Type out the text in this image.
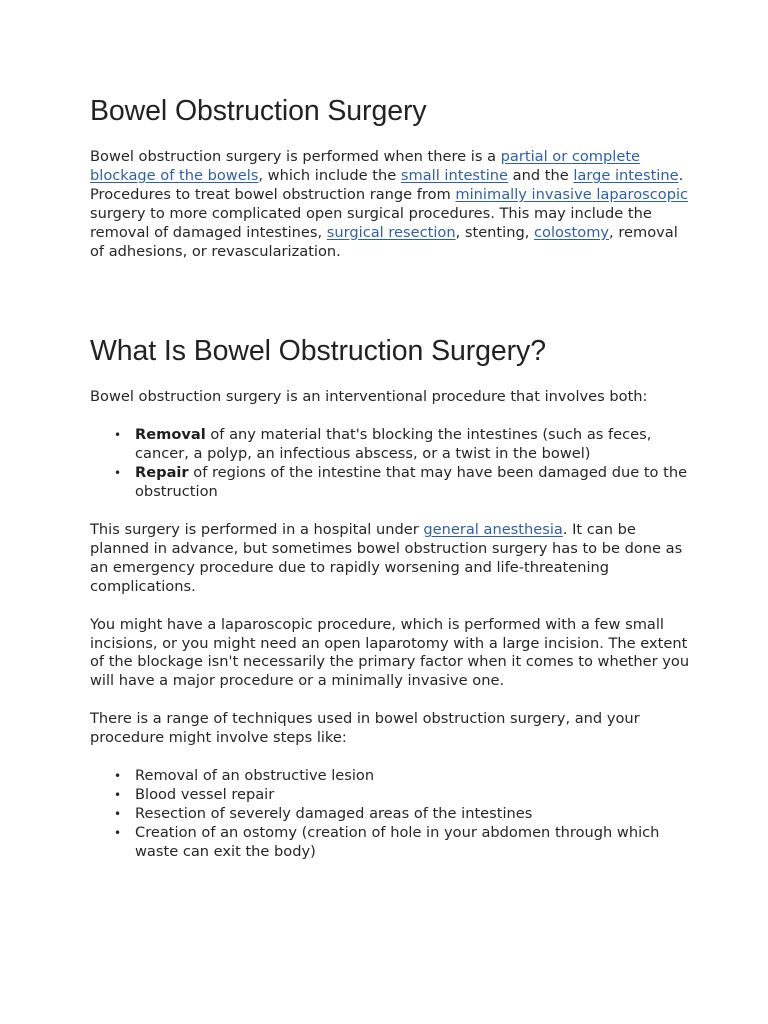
Bowel Obstruction Surgery

Bowel obstruction surgery is performed when there is a partial or complete blockage of the bowels, which include the small intestine and the large intestine. Procedures to treat bowel obstruction range from minimally invasive laparoscopic surgery to more complicated open surgical procedures. This may include the removal of damaged intestines, surgical resection, stenting, colostomy, removal of adhesions, or revascularization.

What Is Bowel Obstruction Surgery?

Bowel obstruction surgery is an interventional procedure that involves both:

• Removal of any material that's blocking the intestines (such as feces, cancer, a polyp, an infectious abscess, or a twist in the bowel)
• Repair of regions of the intestine that may have been damaged due to the obstruction

This surgery is performed in a hospital under general anesthesia. It can be planned in advance, but sometimes bowel obstruction surgery has to be done as an emergency procedure due to rapidly worsening and life-threatening complications.

You might have a laparoscopic procedure, which is performed with a few small incisions, or you might need an open laparotomy with a large incision. The extent of the blockage isn't necessarily the primary factor when it comes to whether you will have a major procedure or a minimally invasive one.

There is a range of techniques used in bowel obstruction surgery, and your procedure might involve steps like:

• Removal of an obstructive lesion
• Blood vessel repair
• Resection of severely damaged areas of the intestines
• Creation of an ostomy (creation of hole in your abdomen through which waste can exit the body)
